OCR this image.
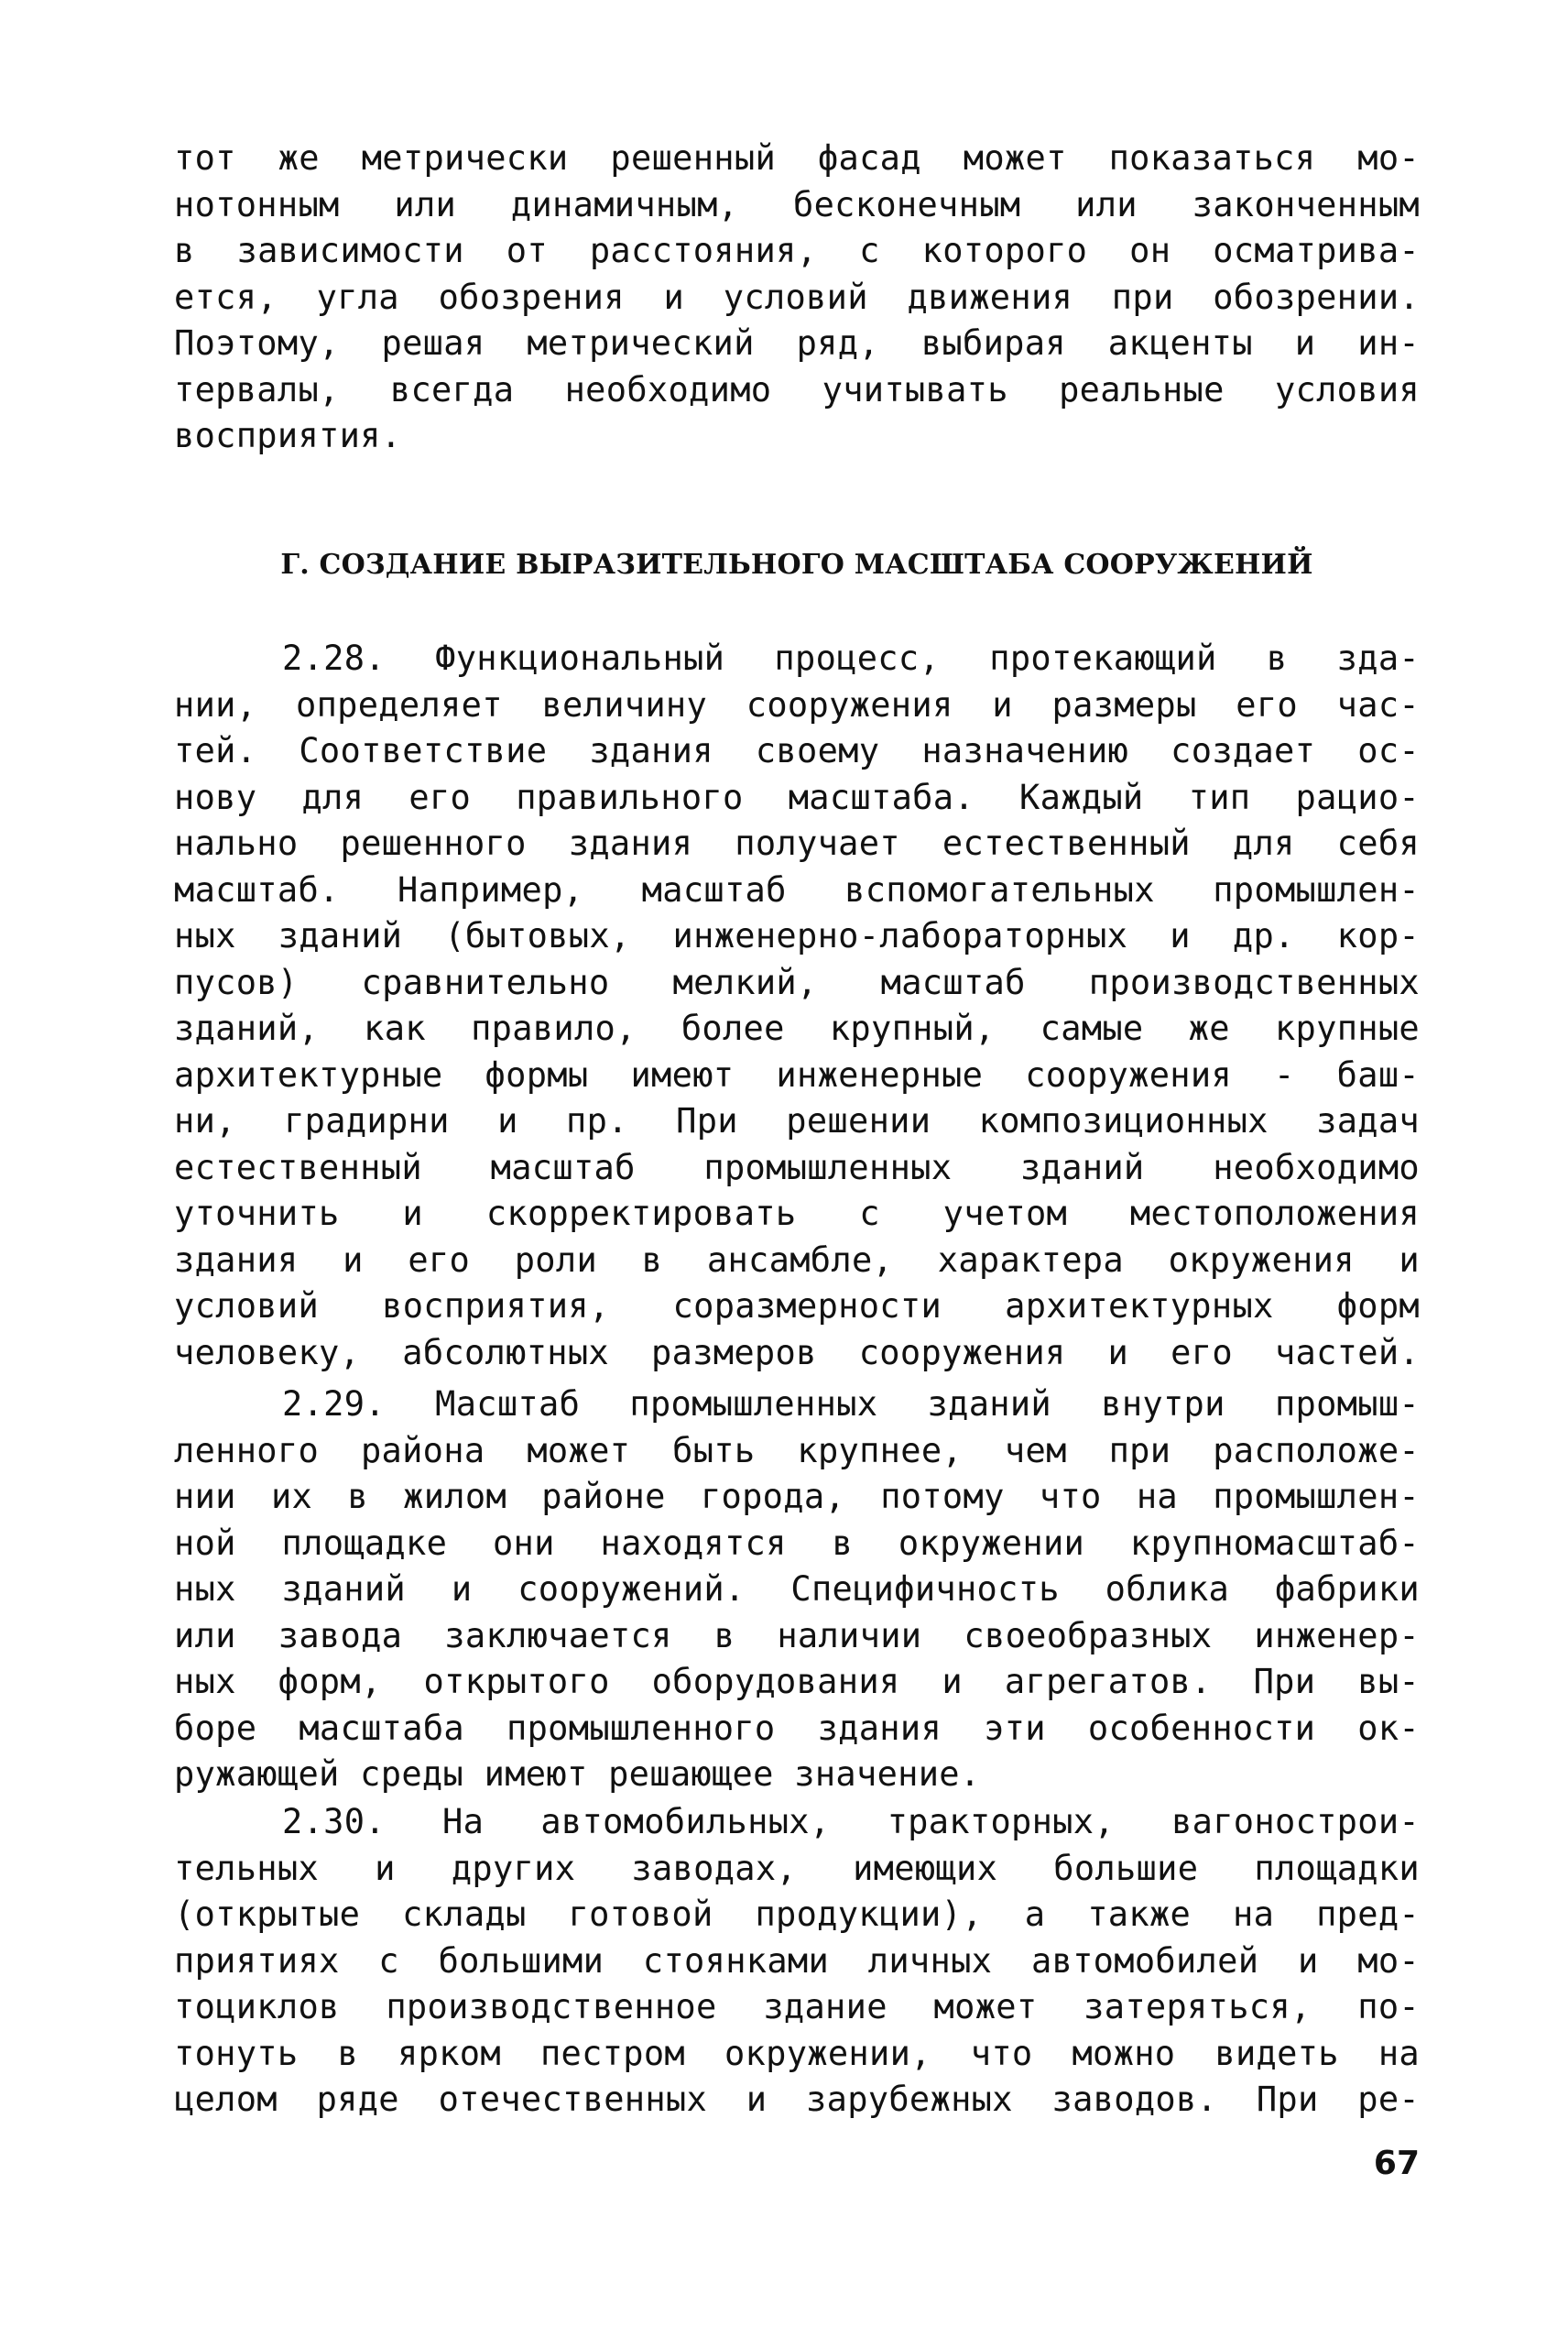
тот же метрически решенный фасад может показаться мо-
нотонным или динамичным, бесконечным или законченным
в зависимости от расстояния, с которого он осматрива-
ется, угла обозрения и условий движения при обозрении.
Поэтому, решая метрический ряд, выбирая акценты и ин-
тервалы, всегда необходимо учитывать реальные условия
восприятия.
Г. СОЗДАНИЕ ВЫРАЗИТЕЛЬНОГО МАСШТАБА СООРУЖЕНИЙ
2.28. Функциональный процесс, протекающий в зда-
нии, определяет величину сооружения и размеры его час-
тей. Соответствие здания своему назначению создает ос-
нову для его правильного масштаба. Каждый тип рацио-
нально решенного здания получает естественный для себя
масштаб. Например, масштаб вспомогательных промышлен-
ных зданий (бытовых, инженерно-лабораторных и др. кор-
пусов) сравнительно мелкий, масштаб производственных
зданий, как правило, более крупный, самые же крупные
архитектурные формы имеют инженерные сооружения - баш-
ни, градирни и пр. При решении композиционных задач
естественный масштаб промышленных зданий необходимо
уточнить и скорректировать с учетом местоположения
здания и его роли в ансамбле, характера окружения и
условий восприятия, соразмерности архитектурных форм
человеку, абсолютных размеров сооружения и его частей.
2.29. Масштаб промышленных зданий внутри промыш-
ленного района может быть крупнее, чем при расположе-
нии их в жилом районе города, потому что на промышлен-
ной площадке они находятся в окружении крупномасштаб-
ных зданий и сооружений. Специфичность облика фабрики
или завода заключается в наличии своеобразных инженер-
ных форм, открытого оборудования и агрегатов. При вы-
боре масштаба промышленного здания эти особенности ок-
ружающей среды имеют решающее значение.
2.30. На автомобильных, тракторных, вагонострои-
тельных и других заводах, имеющих большие площадки
(открытые склады готовой продукции), а также на пред-
приятиях с большими стоянками личных автомобилей и мо-
тоциклов производственное здание может затеряться, по-
тонуть в ярком пестром окружении, что можно видеть на
целом ряде отечественных и зарубежных заводов. При ре-
67
